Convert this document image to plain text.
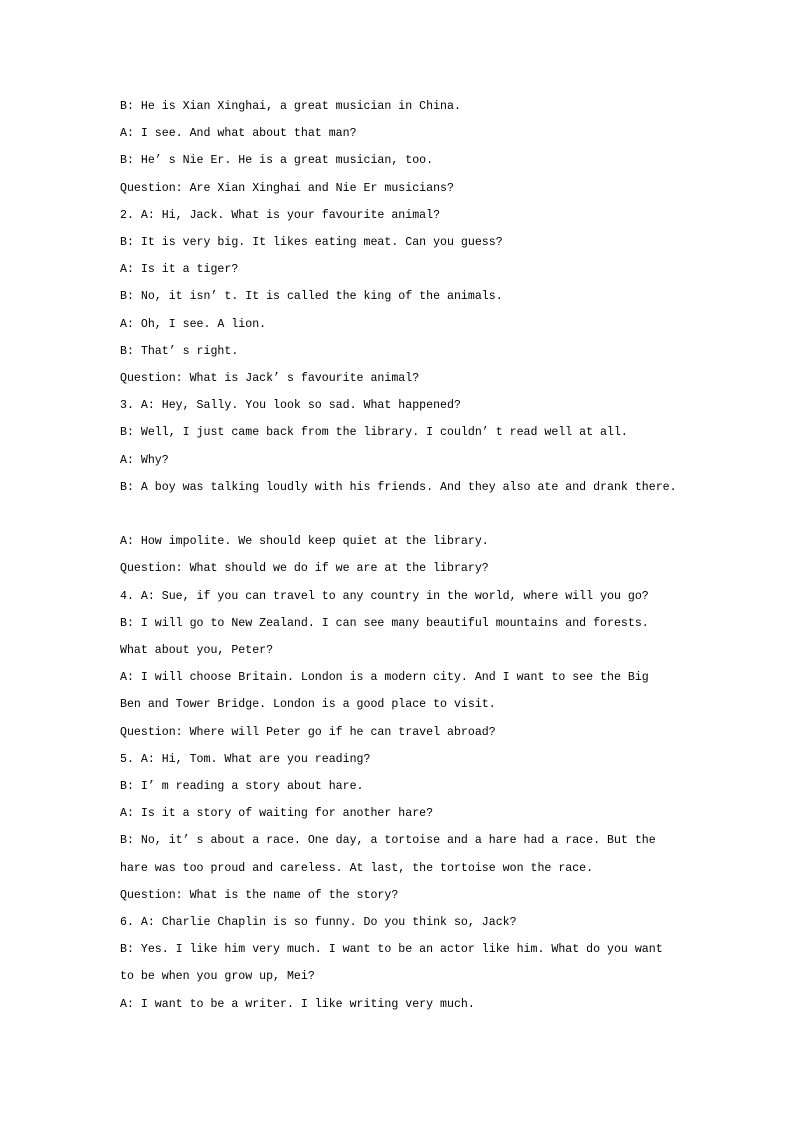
B: He is Xian Xinghai, a great musician in China.
A: I see. And what about that man?
B: He’ s Nie Er. He is a great musician, too.
Question: Are Xian Xinghai and Nie Er musicians?
2. A: Hi, Jack. What is your favourite animal?
B: It is very big. It likes eating meat. Can you guess?
A: Is it a tiger?
B: No, it isn’ t. It is called the king of the animals.
A: Oh, I see. A lion.
B: That’ s right.
Question: What is Jack’ s favourite animal?
3. A: Hey, Sally. You look so sad. What happened?
B: Well, I just came back from the library. I couldn’ t read well at all.
A: Why?
B: A boy was talking loudly with his friends. And they also ate and drank there.
A: How impolite. We should keep quiet at the library.
Question: What should we do if we are at the library?
4. A: Sue, if you can travel to any country in the world, where will you go?
B: I will go to New Zealand. I can see many beautiful mountains and forests.
What about you, Peter?
A: I will choose Britain. London is a modern city. And I want to see the Big
Ben and Tower Bridge. London is a good place to visit.
Question: Where will Peter go if he can travel abroad?
5. A: Hi, Tom. What are you reading?
B: I’ m reading a story about hare.
A: Is it a story of waiting for another hare?
B: No, it’ s about a race. One day, a tortoise and a hare had a race. But the
hare was too proud and careless. At last, the tortoise won the race.
Question: What is the name of the story?
6. A: Charlie Chaplin is so funny. Do you think so, Jack?
B: Yes. I like him very much. I want to be an actor like him. What do you want
to be when you grow up, Mei?
A: I want to be a writer. I like writing very much.
